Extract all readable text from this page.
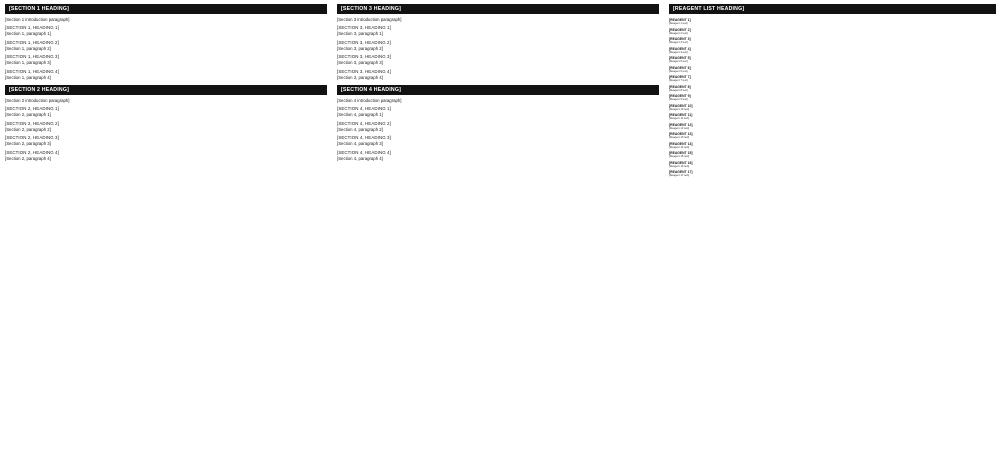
[SECTION 1 HEADING]

[Section 1 introduction paragraph]

[SECTION 1, HEADING 1]

[Section 1, paragraph 1]

[SECTION 1, HEADING 2]

[Section 1, paragraph 2]

[SECTION 1, HEADING 3]

[Section 1, paragraph 3]

[SECTION 1, HEADING 4]

[Section 1, paragraph 4]

[SECTION 2 HEADING]

[Section 2 introduction paragraph]

[SECTION 2, HEADING 1]

[Section 2, paragraph 1]

[SECTION 2, HEADING 2]

[Section 2, paragraph 2]

[SECTION 2, HEADING 3]

[Section 2, paragraph 3]

[SECTION 2, HEADING 4]

[Section 2, paragraph 4]

[SECTION 3 HEADING]

[Section 3 introduction paragraph]

[SECTION 3, HEADING 1]

[Section 3, paragraph 1]

[SECTION 3, HEADING 2]

[Section 3, paragraph 2]

[SECTION 3, HEADING 3]

[Section 3, paragraph 3]

[SECTION 3, HEADING 4]

[Section 3, paragraph 4]

[SECTION 4 HEADING]

[Section 4 introduction paragraph]

[SECTION 4, HEADING 1]

[Section 4, paragraph 1]

[SECTION 4, HEADING 2]

[Section 4, paragraph 2]

[SECTION 4, HEADING 3]

[Section 4, paragraph 3]

[SECTION 4, HEADING 4]

[Section 4, paragraph 4]

[REAGENT LIST HEADING]
[REAGENT 1]

[Reagent 1 text]

[REAGENT 2]

[Reagent 2 text]

[REAGENT 3]

[Reagent 3 text]

[REAGENT 4]

[Reagent 4 text]

[REAGENT 5]

[Reagent 5 text]

[REAGENT 6]

[Reagent 6 text]

[REAGENT 7]

[Reagent 7 text]

[REAGENT 8]

[Reagent 8 text]

[REAGENT 9]

[Reagent 9 text]

[REAGENT 10]

[Reagent 10 text]

[REAGENT 11]

[Reagent 11 text]

[REAGENT 12]

[Reagent 12 text]

[REAGENT 13]

[Reagent 13 text]

[REAGENT 14]

[Reagent 14 text]

[REAGENT 15]

[Reagent 15 text]

[REAGENT 16]

[Reagent 16 text]

[REAGENT 17]

[Reagent 17 text]
